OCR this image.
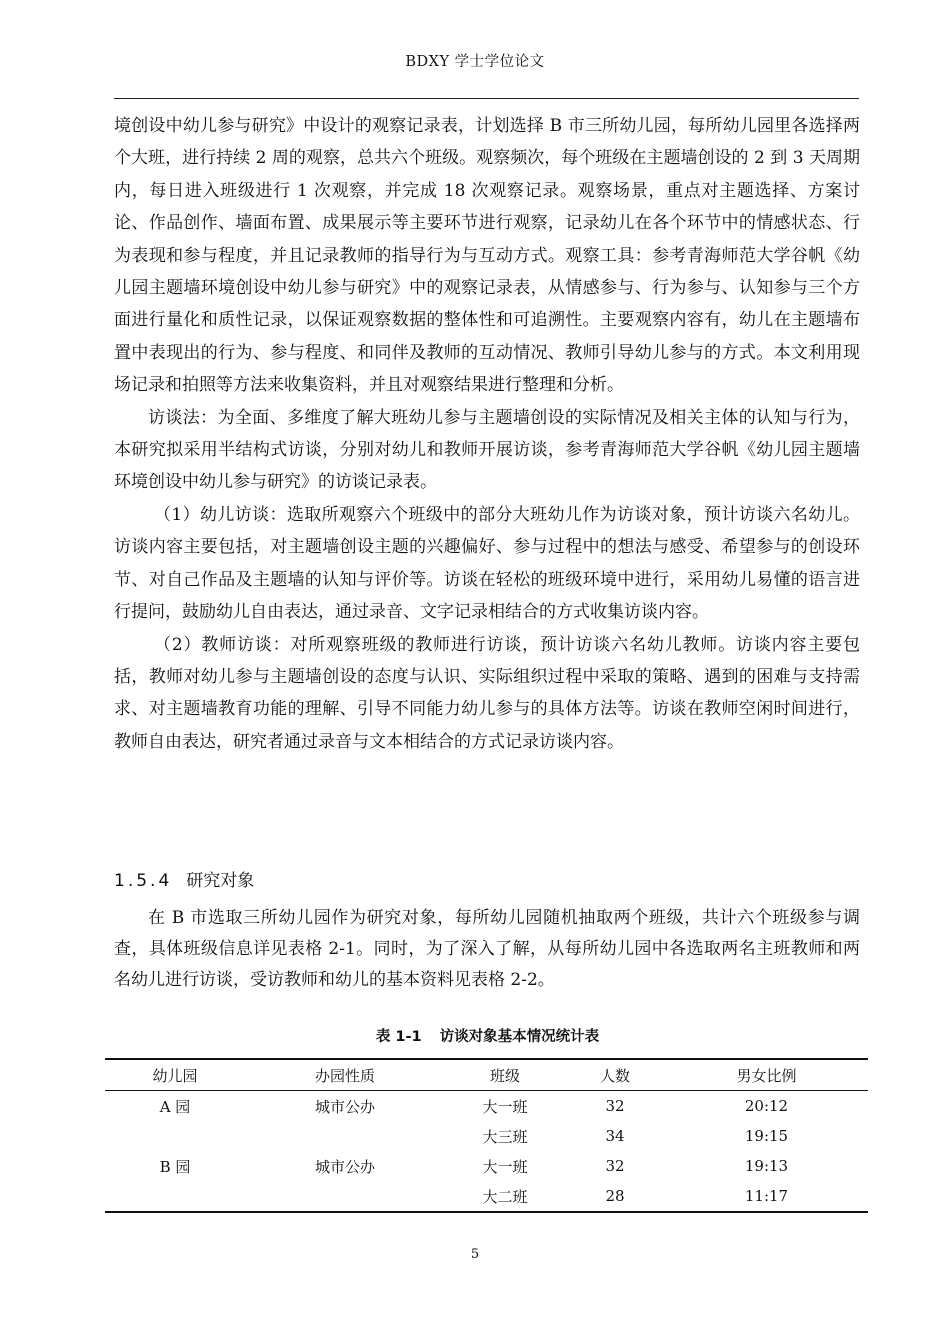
BDXY 学士学位论文

境创设中幼儿参与研究》中设计的观察记录表，计划选择 B 市三所幼儿园，每所幼儿园里各选择两个大班，进行持续 2 周的观察，总共六个班级。观察频次，每个班级在主题墙创设的 2 到 3 天周期内，每日进入班级进行 1 次观察，并完成 18 次观察记录。观察场景，重点对主题选择、方案讨论、作品创作、墙面布置、成果展示等主要环节进行观察，记录幼儿在各个环节中的情感状态、行为表现和参与程度，并且记录教师的指导行为与互动方式。观察工具：参考青海师范大学谷帆《幼儿园主题墙环境创设中幼儿参与研究》中的观察记录表，从情感参与、行为参与、认知参与三个方面进行量化和质性记录，以保证观察数据的整体性和可追溯性。主要观察内容有，幼儿在主题墙布置中表现出的行为、参与程度、和同伴及教师的互动情况、教师引导幼儿参与的方式。本文利用现场记录和拍照等方法来收集资料，并且对观察结果进行整理和分析。

访谈法：为全面、多维度了解大班幼儿参与主题墙创设的实际情况及相关主体的认知与行为，本研究拟采用半结构式访谈，分别对幼儿和教师开展访谈，参考青海师范大学谷帆《幼儿园主题墙环境创设中幼儿参与研究》的访谈记录表。

（1）幼儿访谈：选取所观察六个班级中的部分大班幼儿作为访谈对象，预计访谈六名幼儿。访谈内容主要包括，对主题墙创设主题的兴趣偏好、参与过程中的想法与感受、希望参与的创设环节、对自己作品及主题墙的认知与评价等。访谈在轻松的班级环境中进行，采用幼儿易懂的语言进行提问，鼓励幼儿自由表达，通过录音、文字记录相结合的方式收集访谈内容。

（2）教师访谈：对所观察班级的教师进行访谈，预计访谈六名幼儿教师。访谈内容主要包括，教师对幼儿参与主题墙创设的态度与认识、实际组织过程中采取的策略、遇到的困难与支持需求、对主题墙教育功能的理解、引导不同能力幼儿参与的具体方法等。访谈在教师空闲时间进行，教师自由表达，研究者通过录音与文本相结合的方式记录访谈内容。

1.5.4 研究对象

在 B 市选取三所幼儿园作为研究对象，每所幼儿园随机抽取两个班级，共计六个班级参与调查，具体班级信息详见表格 2-1。同时，为了深入了解，从每所幼儿园中各选取两名主班教师和两名幼儿进行访谈，受访教师和幼儿的基本资料见表格 2-2。

表 1-1 访谈对象基本情况统计表
幼儿园	办园性质	班级	人数	男女比例
A 园	城市公办	大一班	32	20:12
		大三班	34	19:15
B 园	城市公办	大一班	32	19:13
		大二班	28	11:17
5
